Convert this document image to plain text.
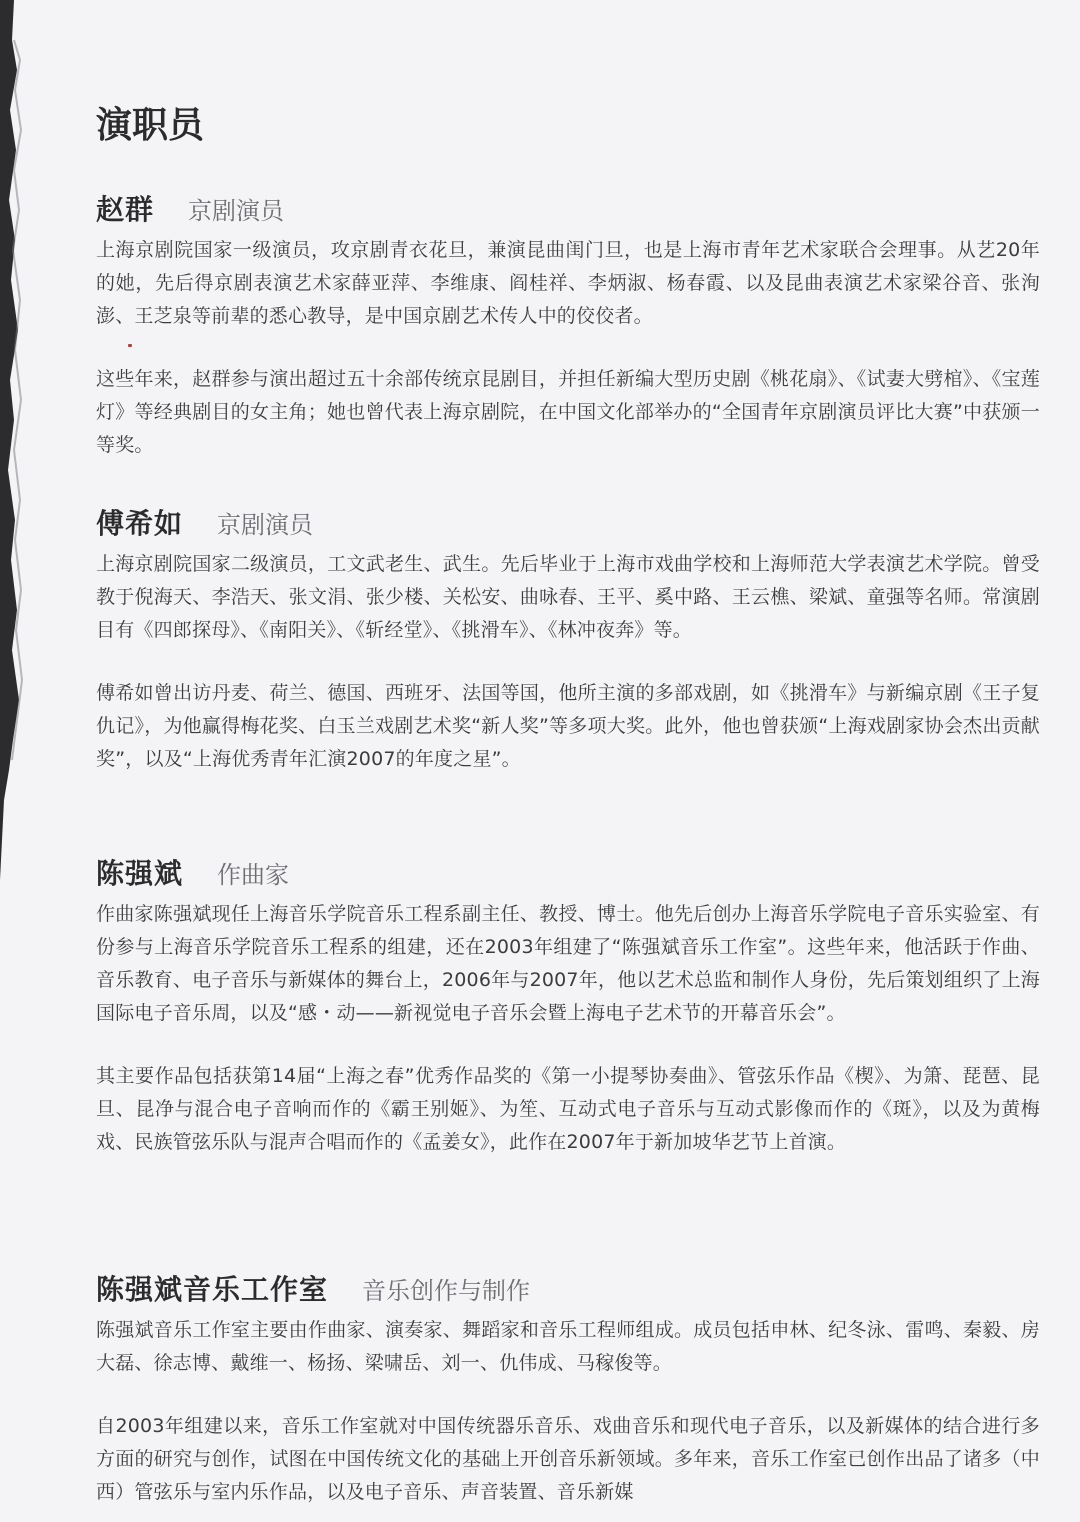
演职员
赵群 京剧演员

上海京剧院国家一级演员，攻京剧青衣花旦，兼演昆曲闺门旦，也是上海市青年艺术家联合会理事。从艺20年的她，先后得京剧表演艺术家薛亚萍、李维康、阎桂祥、李炳淑、杨春霞、以及昆曲表演艺术家梁谷音、张洵澎、王芝泉等前辈的悉心教导，是中国京剧艺术传人中的佼佼者。

这些年来，赵群参与演出超过五十余部传统京昆剧目，并担任新编大型历史剧《桃花扇》、《试妻大劈棺》、《宝莲灯》等经典剧目的女主角；她也曾代表上海京剧院，在中国文化部举办的“全国青年京剧演员评比大赛”中获颁一等奖。

傅希如 京剧演员

上海京剧院国家二级演员，工文武老生、武生。先后毕业于上海市戏曲学校和上海师范大学表演艺术学院。曾受教于倪海天、李浩天、张文涓、张少楼、关松安、曲咏春、王平、奚中路、王云樵、梁斌、童强等名师。常演剧目有《四郎探母》、《南阳关》、《斩经堂》、《挑滑车》、《林冲夜奔》等。

傅希如曾出访丹麦、荷兰、德国、西班牙、法国等国，他所主演的多部戏剧，如《挑滑车》与新编京剧《王子复仇记》，为他赢得梅花奖、白玉兰戏剧艺术奖“新人奖”等多项大奖。此外，他也曾获颁“上海戏剧家协会杰出贡献奖”，以及“上海优秀青年汇演2007的年度之星”。

陈强斌 作曲家

作曲家陈强斌现任上海音乐学院音乐工程系副主任、教授、博士。他先后创办上海音乐学院电子音乐实验室、有份参与上海音乐学院音乐工程系的组建，还在2003年组建了“陈强斌音乐工作室”。这些年来，他活跃于作曲、音乐教育、电子音乐与新媒体的舞台上，2006年与2007年，他以艺术总监和制作人身份，先后策划组织了上海国际电子音乐周，以及“感・动——新视觉电子音乐会暨上海电子艺术节的开幕音乐会”。

其主要作品包括获第14届“上海之春”优秀作品奖的《第一小提琴协奏曲》、管弦乐作品《楔》、为箫、琵琶、昆旦、昆净与混合电子音响而作的《霸王别姬》、为笙、互动式电子音乐与互动式影像而作的《斑》，以及为黄梅戏、民族管弦乐队与混声合唱而作的《孟姜女》，此作在2007年于新加坡华艺节上首演。

陈强斌音乐工作室 音乐创作与制作

陈强斌音乐工作室主要由作曲家、演奏家、舞蹈家和音乐工程师组成。成员包括申林、纪冬泳、雷鸣、秦毅、房大磊、徐志博、戴维一、杨扬、梁啸岳、刘一、仇伟成、马稼俊等。

自2003年组建以来，音乐工作室就对中国传统器乐音乐、戏曲音乐和现代电子音乐，以及新媒体的结合进行多方面的研究与创作，试图在中国传统文化的基础上开创音乐新领域。多年来，音乐工作室已创作出品了诸多（中西）管弦乐与室内乐作品，以及电子音乐、声音装置、音乐新媒
